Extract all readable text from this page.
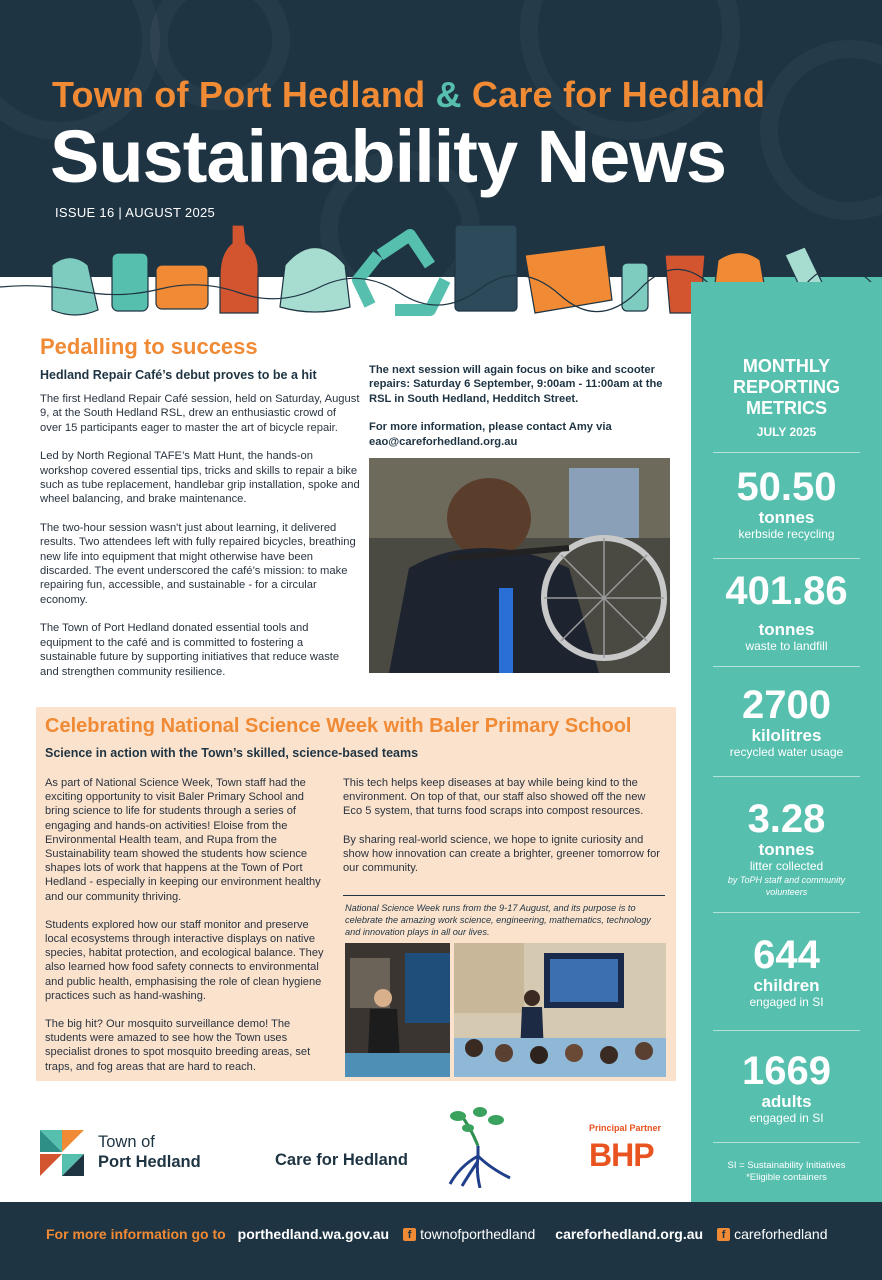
Town of Port Hedland & Care for Hedland
Sustainability News
ISSUE 16 | AUGUST 2025
MONTHLY
REPORTING
METRICS
JULY 2025
50.50
tonnes
kerbside recycling
401.86
tonnes
waste to landfill
2700
kilolitres
recycled water usage
3.28
tonnes
litter collected
by ToPH staff and community volunteers
644
children
engaged in SI
1669
adults
engaged in SI
SI = Sustainability Initiatives
*Eligible containers
Pedalling to success
Hedland Repair Café’s debut proves to be a hit

The first Hedland Repair Café session, held on Saturday, August 9, at the South Hedland RSL, drew an enthusiastic crowd of over 15 participants eager to master the art of bicycle repair.

Led by North Regional TAFE’s Matt Hunt, the hands-on workshop covered essential tips, tricks and skills to repair a bike such as tube replacement, handlebar grip installation, spoke and wheel balancing, and brake maintenance.

The two-hour session wasn't just about learning, it delivered results. Two attendees left with fully repaired bicycles, breathing new life into equipment that might otherwise have been discarded. The event underscored the café’s mission: to make repairing fun, accessible, and sustainable - for a circular economy.

The Town of Port Hedland donated essential tools and equipment to the café and is committed to fostering a sustainable future by supporting initiatives that reduce waste and strengthen community resilience.

The next session will again focus on bike and scooter repairs: Saturday 6 September, 9:00am - 11:00am at the RSL in South Hedland, Hedditch Street.

For more information, please contact Amy via eao@careforhedland.org.au

Celebrating National Science Week with Baler Primary School
Science in action with the Town’s skilled, science-based teams

As part of National Science Week, Town staff had the exciting opportunity to visit Baler Primary School and bring science to life for students through a series of engaging and hands-on activities! Eloise from the Environmental Health team, and Rupa from the Sustainability team showed the students how science shapes lots of work that happens at the Town of Port Hedland - especially in keeping our environment healthy and our community thriving.

Students explored how our staff monitor and preserve local ecosystems through interactive displays on native species, habitat protection, and ecological balance. They also learned how food safety connects to environmental and public health, emphasising the role of clean hygiene practices such as hand-washing.

The big hit? Our mosquito surveillance demo! The students were amazed to see how the Town uses specialist drones to spot mosquito breeding areas, set traps, and fog areas that are hard to reach.

This tech helps keep diseases at bay while being kind to the environment. On top of that, our staff also showed off the new Eco 5 system, that turns food scraps into compost resources.

By sharing real-world science, we hope to ignite curiosity and show how innovation can create a brighter, greener tomorrow for our community.

National Science Week runs from the 9-17 August, and its purpose is to celebrate the amazing work science, engineering, mathematics, technology and innovation plays in all our lives.
Town of
Port Hedland	Care for Hedland
Principal Partner
BHP
For more information go to porthedland.wa.gov.au	f townofporthedland careforhedland.org.au	f careforhedland
